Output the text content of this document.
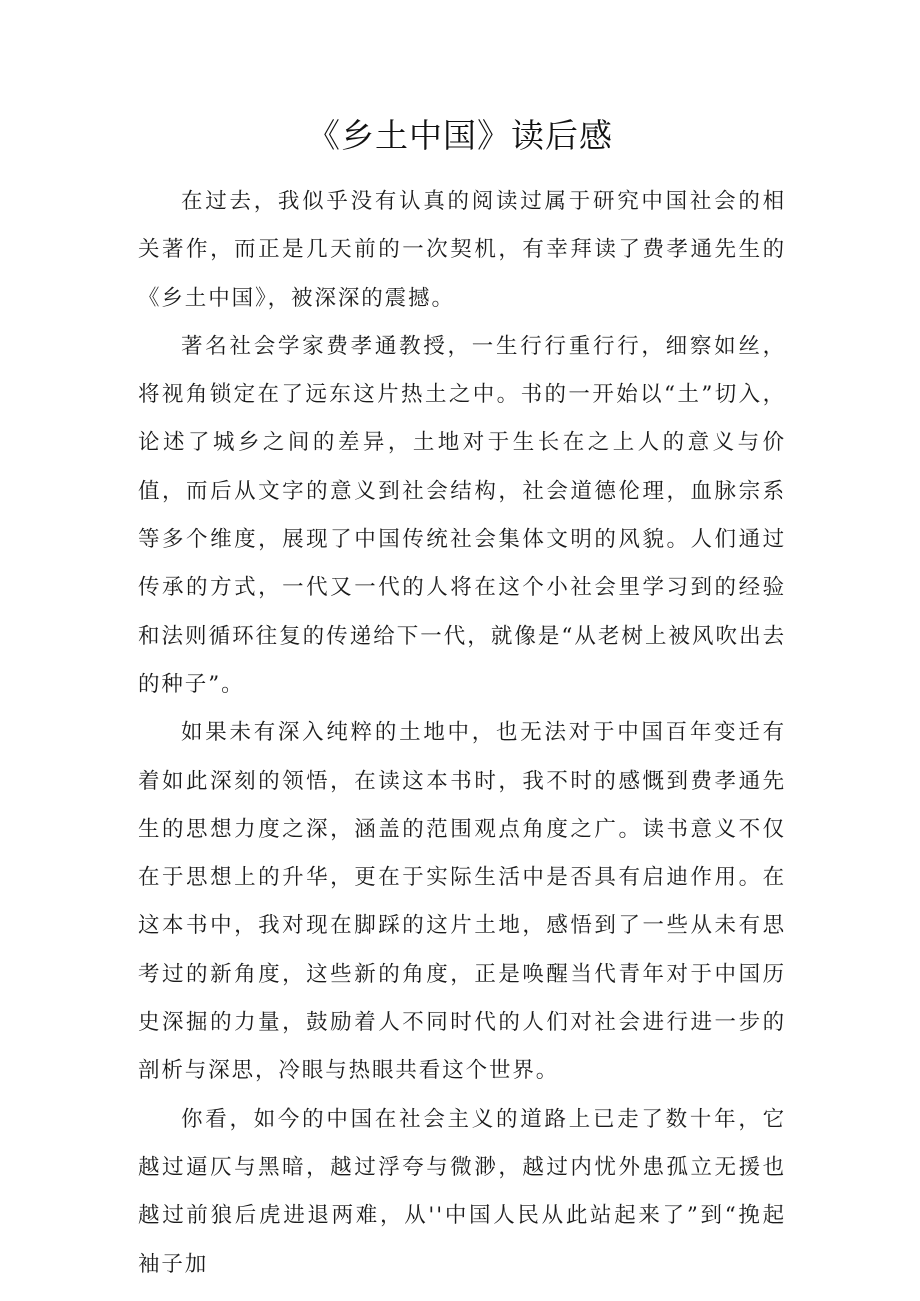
《乡土中国》读后感

在过去，我似乎没有认真的阅读过属于研究中国社会的相关著作，而正是几天前的一次契机，有幸拜读了费孝通先生的《乡土中国》，被深深的震撼。

著名社会学家费孝通教授，一生行行重行行，细察如丝，将视角锁定在了远东这片热土之中。书的一开始以“土”切入，论述了城乡之间的差异，土地对于生长在之上人的意义与价值，而后从文字的意义到社会结构，社会道德伦理，血脉宗系等多个维度，展现了中国传统社会集体文明的风貌。人们通过传承的方式，一代又一代的人将在这个小社会里学习到的经验和法则循环往复的传递给下一代，就像是“从老树上被风吹出去的种子”。

如果未有深入纯粹的土地中，也无法对于中国百年变迁有着如此深刻的领悟，在读这本书时，我不时的感慨到费孝通先生的思想力度之深，涵盖的范围观点角度之广。读书意义不仅在于思想上的升华，更在于实际生活中是否具有启迪作用。在这本书中，我对现在脚踩的这片土地，感悟到了一些从未有思考过的新角度，这些新的角度，正是唤醒当代青年对于中国历史深掘的力量，鼓励着人不同时代的人们对社会进行进一步的剖析与深思，冷眼与热眼共看这个世界。

你看，如今的中国在社会主义的道路上已走了数十年，它越过逼仄与黑暗，越过浮夸与微渺，越过内忧外患孤立无援也越过前狼后虎进退两难，从''中国人民从此站起来了”到“挽起袖子加
